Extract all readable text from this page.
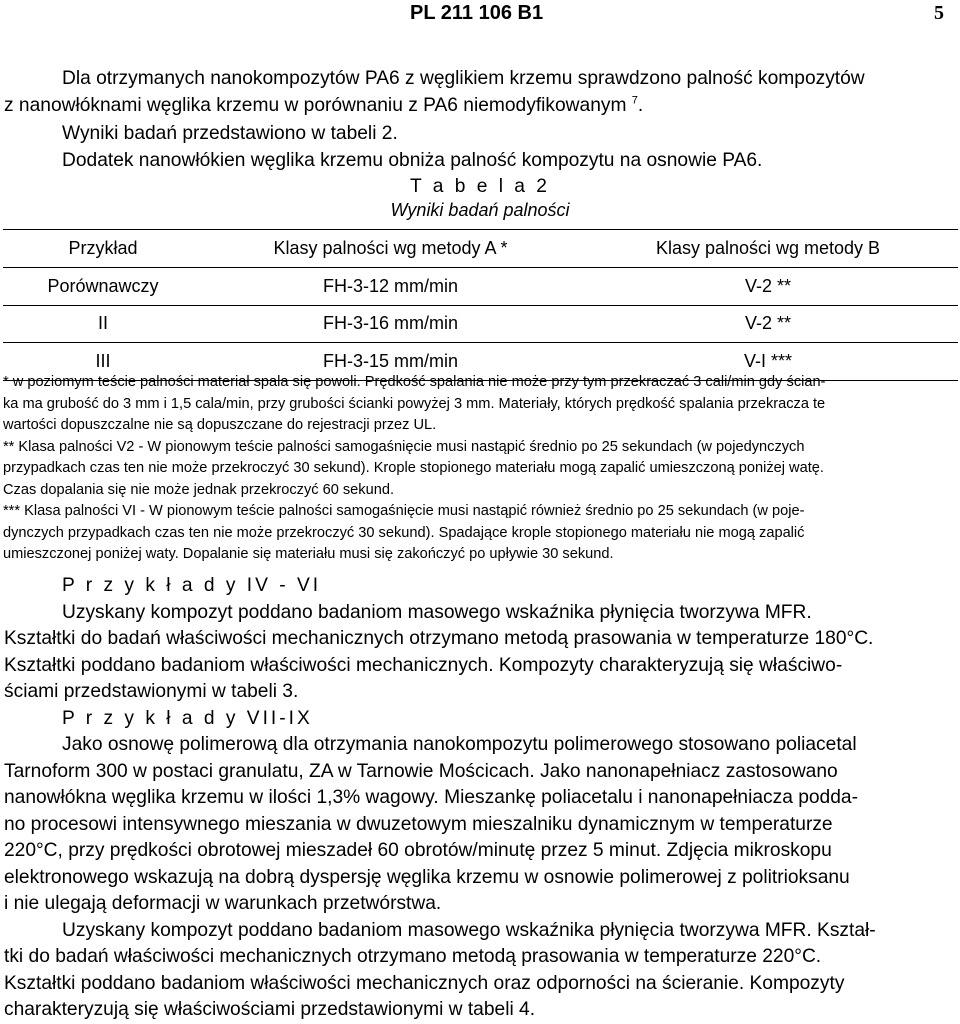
PL 211 106 B1	5
Dla otrzymanych nanokompozytów PA6 z węglikiem krzemu sprawdzono palność kompozytów
z nanowłóknami węglika krzemu w porównaniu z PA6 niemodyfikowanym $^7$.
Wyniki badań przedstawiono w tabeli 2.
Dodatek nanowłókien węglika krzemu obniża palność kompozytu na osnowie PA6.
T a b e l a 2
Wyniki badań palności
Przykład	Klasy palności wg metody A *	Klasy palności wg metody B
Porównawczy	FH-3-12 mm/min	V-2 **
II	FH-3-16 mm/min	V-2 **
III	FH-3-15 mm/min	V-I ***
* w poziomym teście palności materiał spala się powoli. Prędkość spalania nie może przy tym przekraczać 3 cali/min gdy ścian-
ka ma grubość do 3 mm i 1,5 cala/min, przy grubości ścianki powyżej 3 mm. Materiały, których prędkość spalania przekracza te
wartości dopuszczalne nie są dopuszczane do rejestracji przez UL.
** Klasa palności V2 - W pionowym teście palności samogaśnięcie musi nastąpić średnio po 25 sekundach (w pojedynczych
przypadkach czas ten nie może przekroczyć 30 sekund). Krople stopionego materiału mogą zapalić umieszczoną poniżej watę.
Czas dopalania się nie może jednak przekroczyć 60 sekund.
*** Klasa palności VI - W pionowym teście palności samogaśnięcie musi nastąpić również średnio po 25 sekundach (w poje-
dynczych przypadkach czas ten nie może przekroczyć 30 sekund). Spadające krople stopionego materiału nie mogą zapalić
umieszczonej poniżej waty. Dopalanie się materiału musi się zakończyć po upływie 30 sekund.
P r z y k ł a d y IV - VI
Uzyskany kompozyt poddano badaniom masowego wskaźnika płynięcia tworzywa MFR.
Kształtki do badań właściwości mechanicznych otrzymano metodą prasowania w temperaturze 180°C.
Kształtki poddano badaniom właściwości mechanicznych. Kompozyty charakteryzują się właściwo-
ściami przedstawionymi w tabeli 3.
P r z y k ł a d y VII-IX
Jako osnowę polimerową dla otrzymania nanokompozytu polimerowego stosowano poliacetal
Tarnoform 300 w postaci granulatu, ZA w Tarnowie Mościcach. Jako nanonapełniacz zastosowano
nanowłókna węglika krzemu w ilości 1,3% wagowy. Mieszankę poliacetalu i nanonapełniacza podda-
no procesowi intensywnego mieszania w dwuzetowym mieszalniku dynamicznym w temperaturze
220°C, przy prędkości obrotowej mieszadeł 60 obrotów/minutę przez 5 minut. Zdjęcia mikroskopu
elektronowego wskazują na dobrą dyspersję węglika krzemu w osnowie polimerowej z politrioksanu
i nie ulegają deformacji w warunkach przetwórstwa.
Uzyskany kompozyt poddano badaniom masowego wskaźnika płynięcia tworzywa MFR. Kształ-
tki do badań właściwości mechanicznych otrzymano metodą prasowania w temperaturze 220°C.
Kształtki poddano badaniom właściwości mechanicznych oraz odporności na ścieranie. Kompozyty
charakteryzują się właściwościami przedstawionymi w tabeli 4.
